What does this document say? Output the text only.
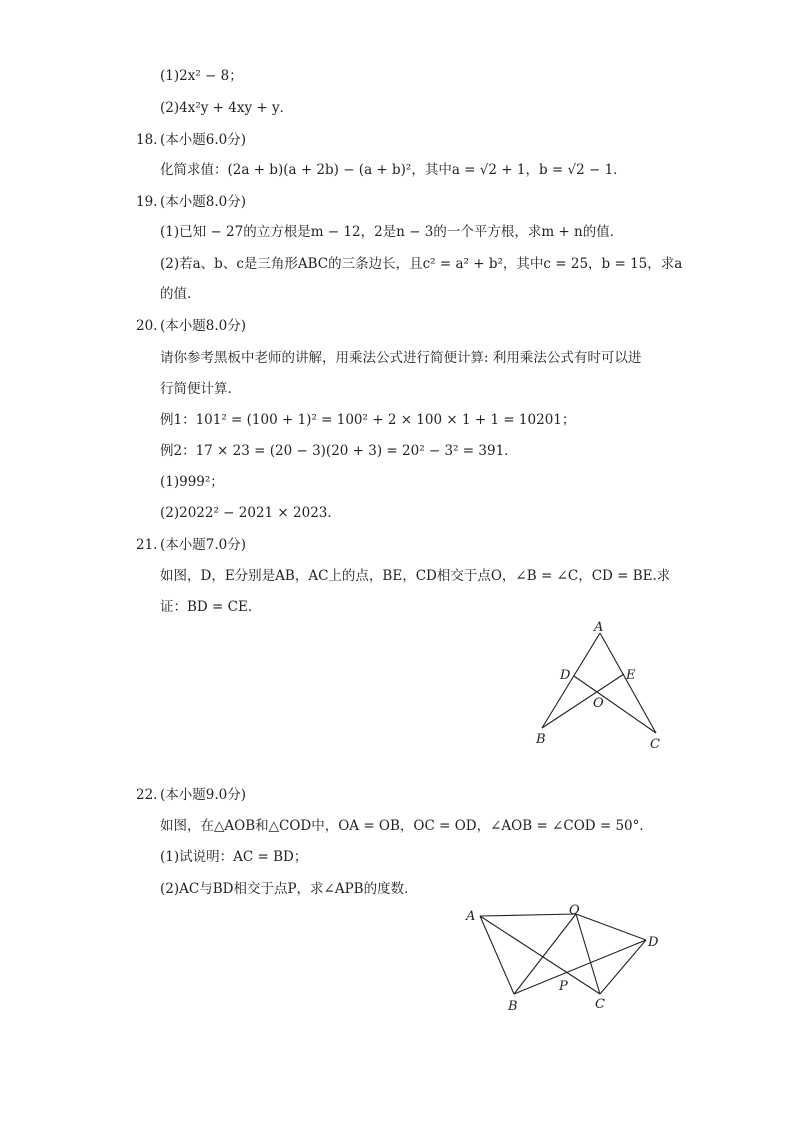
(1)2x² − 8；
(2)4x²y + 4xy + y．
18. (本小题6.0分)
化简求值：(2a + b)(a + 2b) − (a + b)²，其中a = √2 + 1，b = √2 − 1．
19. (本小题8.0分)
(1)已知 − 27的立方根是m − 12，2是n − 3的一个平方根，求m + n的值．
(2)若a、b、c是三角形ABC的三条边长，且c² = a² + b²，其中c = 25，b = 15，求a
的值．
20. (本小题8.0分)
请你参考黑板中老师的讲解，用乘法公式进行简便计算: 利用乘法公式有时可以进
行简便计算．
例1：101² = (100 + 1)² = 100² + 2 × 100 × 1 + 1 = 10201；
例2：17 × 23 = (20 − 3)(20 + 3) = 20² − 3² = 391．
(1)999²；
(2)2022² − 2021 × 2023．
21. (本小题7.0分)
如图，D，E分别是AB，AC上的点，BE，CD相交于点O，∠B = ∠C，CD = BE.求
证：BD = CE．
A
B	C
D	E
O
22. (本小题9.0分)
如图，在△AOB和△COD中，OA = OB，OC = OD，∠AOB = ∠COD = 50°．
(1)试说明：AC = BD；
(2)AC与BD相交于点P，求∠APB的度数．
A	O
D
B	C
P
